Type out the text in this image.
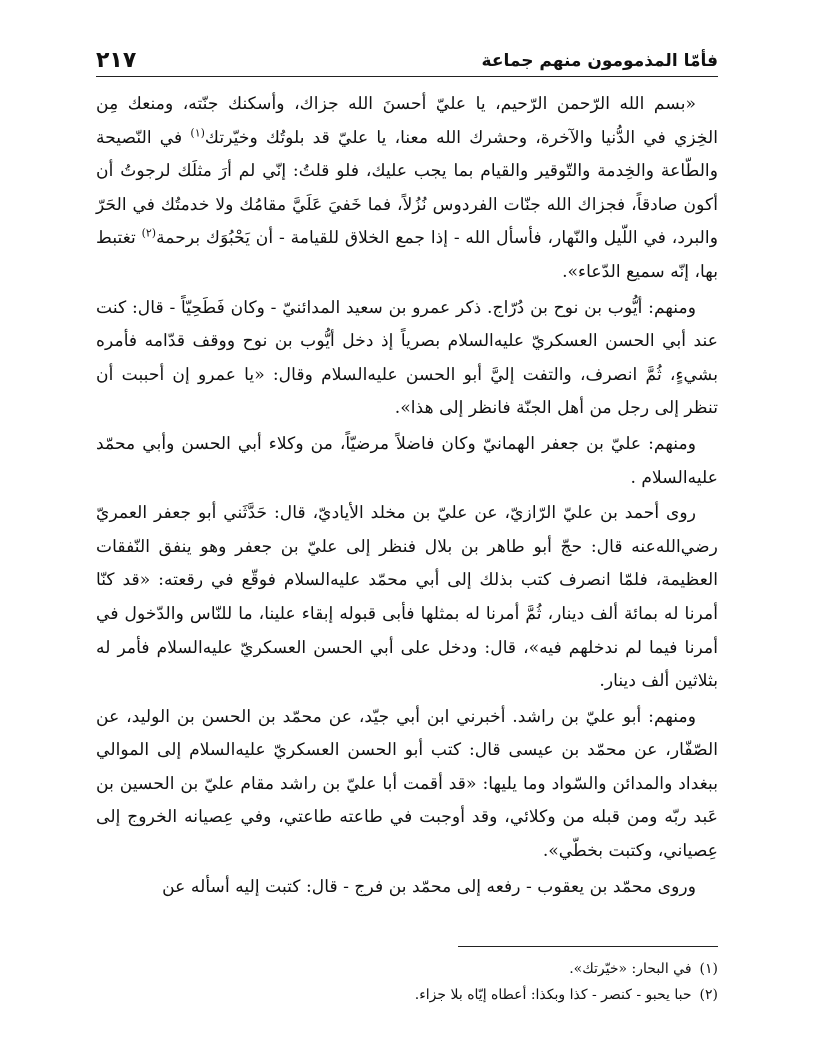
فأمّا المذمومون منهم جماعة
٢١٧

«بسم الله الرّحمن الرّحيم، يا عليّ أحسنَ الله جزاك، وأسكنك جنّته، ومنعك مِن الخِزي في الدُّنيا والآخرة، وحشرك الله معنا، يا عليّ قد بلوتُك وخيّرتك$^{(١)}$ في النّصيحة والطّاعة والخِدمة والتّوقير والقيام بما يجب عليك، فلو قلتُ: إنّي لم أرَ مثلَك لرجوتُ أن أكون صادقاً، فجزاك الله جنّات الفردوس نُزُلاً، فما خَفيَ عَلَيَّ مقامُك ولا خدمتُك في الحَرّ والبرد، في اللّيل والنّهار، فأسأل الله - إذا جمع الخلاق للقيامة - أن يَحْبُوَك برحمة$^{(٢)}$ تغتبط بها، إنّه سميع الدّعاء».

ومنهم: أيُّوب بن نوح بن دُرّاج. ذكر عمرو بن سعيد المدائنيّ - وكان فَطَحِيّاً - قال: كنت عند أبي الحسن العسكريّ عليه‌السلام بصرياً إذ دخل أيُّوب بن نوح ووقف قدّامه فأمره بشيءٍ، ثُمَّ انصرف، والتفت إليَّ أبو الحسن عليه‌السلام وقال: «يا عمرو إن أحببت أن تنظر إلى رجل من أهل الجنّة فانظر إلى هذا».

ومنهم: عليّ بن جعفر الهمانيّ وكان فاضلاً مرضيّاً، من وكلاء أبي الحسن وأبي محمّد عليه‌السلام .

روى أحمد بن عليّ الرّازيّ، عن عليّ بن مخلد الأياديّ، قال: حَدَّثَني أبو جعفر العمريّ رضي‌الله‌عنه قال: حجّ أبو طاهر بن بلال فنظر إلى عليّ بن جعفر وهو ينفق النّفقات العظيمة، فلمّا انصرف كتب بذلك إلى أبي محمّد عليه‌السلام فوقّع في رقعته: «قد كنّا أمرنا له بمائة ألف دينار، ثُمَّ أمرنا له بمثلها فأبى قبوله إبقاء علينا، ما للنّاس والدّخول في أمرنا فيما لم ندخلهم فيه»، قال: ودخل على أبي الحسن العسكريّ عليه‌السلام فأمر له بثلاثين ألف دينار.

ومنهم: أبو عليّ بن راشد. أخبرني ابن أبي جيّد، عن محمّد بن الحسن بن الوليد، عن الصّفّار، عن محمّد بن عيسى قال: كتب أبو الحسن العسكريّ عليه‌السلام إلى الموالي ببغداد والمدائن والسّواد وما يليها: «قد أقمت أبا عليّ بن راشد مقام عليّ بن الحسين بن عَبد ربّه ومن قبله من وكلائي، وقد أوجبت في طاعته طاعتي، وفي عِصيانه الخروج إلى عِصياني، وكتبت بخطّي».

وروى محمّد بن يعقوب - رفعه إلى محمّد بن فرج - قال: كتبت إليه أسأله عن

(١)
في البحار: «خيّرتك».
(٢)
حبا يحبو - كنصر - كذا وبكذا: أعطاه إيّاه بلا جزاء.
